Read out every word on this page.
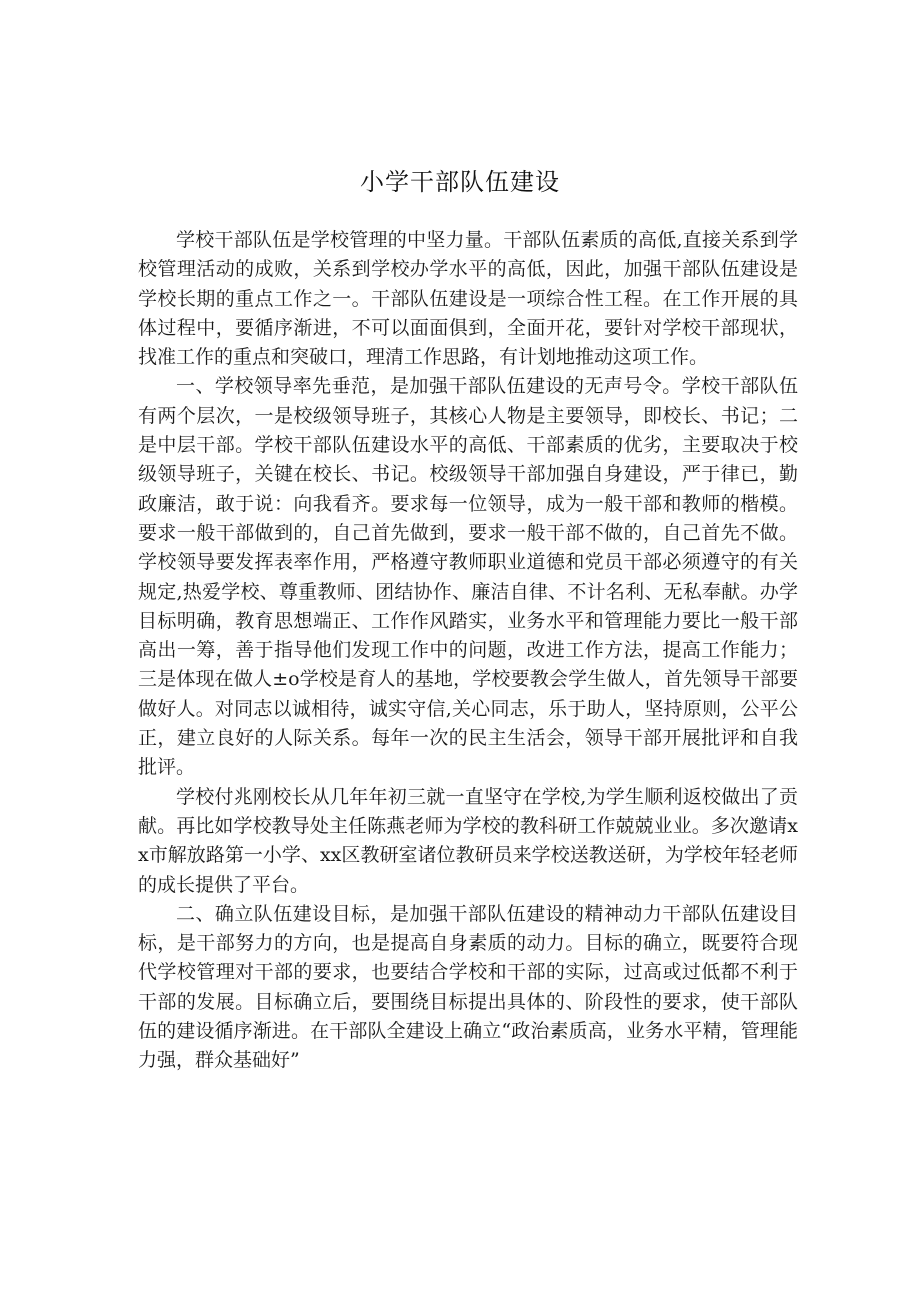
小学干部队伍建设

学校干部队伍是学校管理的中坚力量。干部队伍素质的高低,直接关系到学校管理活动的成败，关系到学校办学水平的高低，因此，加强干部队伍建设是学校长期的重点工作之一。干部队伍建设是一项综合性工程。在工作开展的具体过程中，要循序渐进，不可以面面俱到，全面开花，要针对学校干部现状，找准工作的重点和突破口，理清工作思路，有计划地推动这项工作。

一、学校领导率先垂范，是加强干部队伍建设的无声号令。学校干部队伍有两个层次，一是校级领导班子，其核心人物是主要领导，即校长、书记；二是中层干部。学校干部队伍建设水平的高低、干部素质的优劣，主要取决于校级领导班子，关键在校长、书记。校级领导干部加强自身建设，严于律已，勤政廉洁，敢于说：向我看齐。要求每一位领导，成为一般干部和教师的楷模。要求一般干部做到的，自己首先做到，要求一般干部不做的，自己首先不做。学校领导要发挥表率作用，严格遵守教师职业道德和党员干部必须遵守的有关规定,热爱学校、尊重教师、团结协作、廉洁自律、不计名利、无私奉献。办学目标明确，教育思想端正、工作作风踏实，业务水平和管理能力要比一般干部高出一筹，善于指导他们发现工作中的问题，改进工作方法，提高工作能力；三是体现在做人±o学校是育人的基地，学校要教会学生做人，首先领导干部要做好人。对同志以诚相待，诚实守信,关心同志，乐于助人，坚持原则，公平公正，建立良好的人际关系。每年一次的民主生活会，领导干部开展批评和自我批评。

学校付兆刚校长从几年年初三就一直坚守在学校,为学生顺利返校做出了贡献。再比如学校教导处主任陈燕老师为学校的教科研工作兢兢业业。多次邀请xx市解放路第一小学、xx区教研室诸位教研员来学校送教送研，为学校年轻老师的成长提供了平台。

二、确立队伍建设目标，是加强干部队伍建设的精神动力干部队伍建设目标，是干部努力的方向，也是提高自身素质的动力。目标的确立，既要符合现代学校管理对干部的要求，也要结合学校和干部的实际，过高或过低都不利于干部的发展。目标确立后，要围绕目标提出具体的、阶段性的要求，使干部队伍的建设循序渐进。在干部队全建设上确立“政治素质高，业务水平精，管理能力强，群众基础好”
